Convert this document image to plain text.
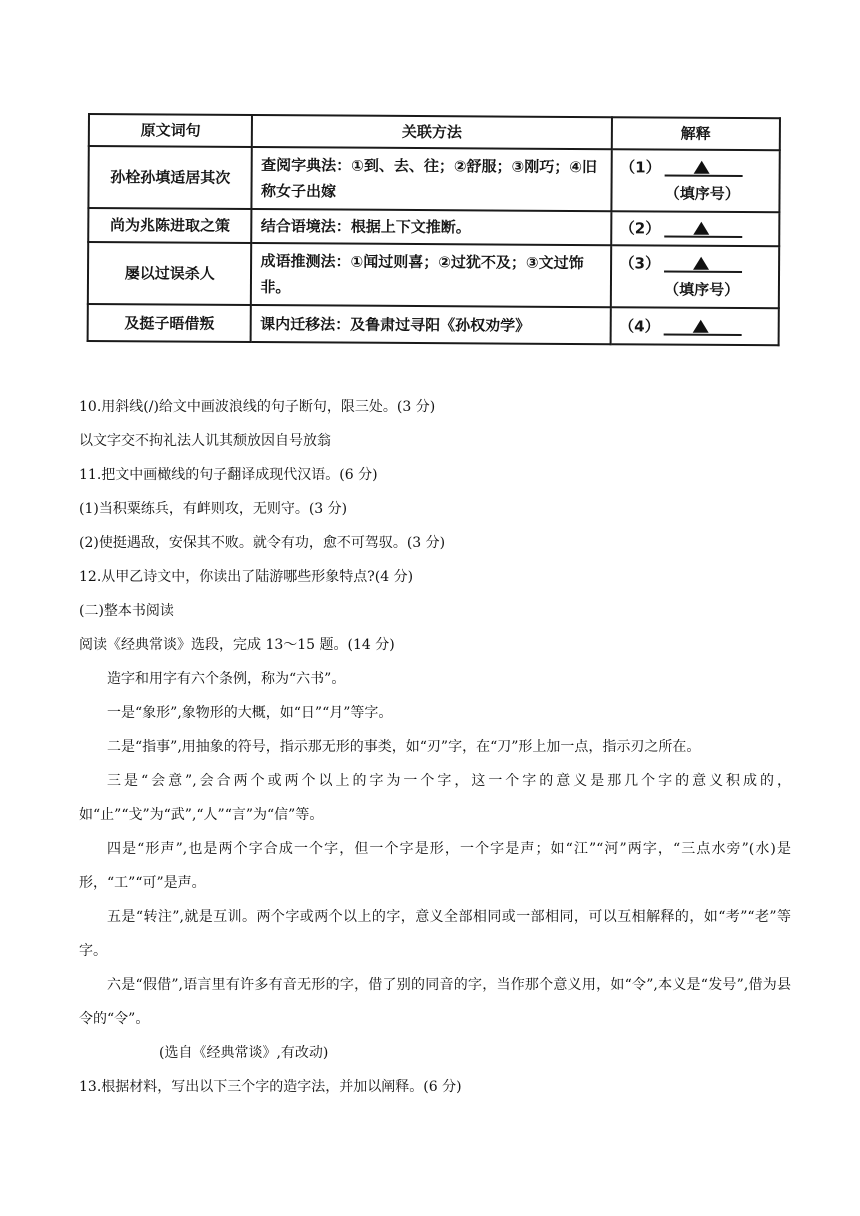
原文词句	关联方法	解释
孙栓孙填适居其次	查阅字典法：①到、去、往；②舒服；③刚巧；④旧称女子出嫁	（1）
（填序号）

尚为兆陈进取之策	结合语境法：根据上下文推断。	（2）

屡以过误杀人	成语推测法：①闻过则喜；②过犹不及；③文过饰非。	（3）
（填序号）

及挺子晤借叛	课内迁移法：及鲁肃过寻阳《孙权劝学》	（4）

10.用斜线(/)给文中画波浪线的句子断句，限三处。(3 分)

以文字交不拘礼法人讥其颓放因自号放翁

11.把文中画橄线的句子翻译成现代汉语。(6 分)

(1)当积粟练兵，有衅则攻，无则守。(3 分)

(2)使挺遇敌，安保其不败。就令有功，愈不可驾驭。(3 分)

12.从甲乙诗文中，你读出了陆游哪些形象特点?(4 分)

(二)整本书阅读

阅读《经典常谈》选段，完成 13～15 题。(14 分)

造字和用字有六个条例，称为“六书”。

一是“象形”,象物形的大概，如“日”“月”等字。

二是“指事”,用抽象的符号，指示那无形的事类，如“刃”字，在“刀”形上加一点，指示刃之所在。

三是“会意”,会合两个或两个以上的字为一个字，这一个字的意义是那几个字的意义积成的，如“止”“戈”为“武”,“人”“言”为“信”等。

四是“形声”,也是两个字合成一个字，但一个字是形，一个字是声；如“江”“河”两字，“三点水旁”(水)是形，“工”“可”是声。

五是“转注”,就是互训。两个字或两个以上的字，意义全部相同或一部相同，可以互相解释的，如“考”“老”等字。

六是“假借”,语言里有许多有音无形的字，借了别的同音的字，当作那个意义用，如“令”,本义是“发号”,借为县令的“令”。

(选自《经典常谈》,有改动)

13.根据材料，写出以下三个字的造字法，并加以阐释。(6 分)
